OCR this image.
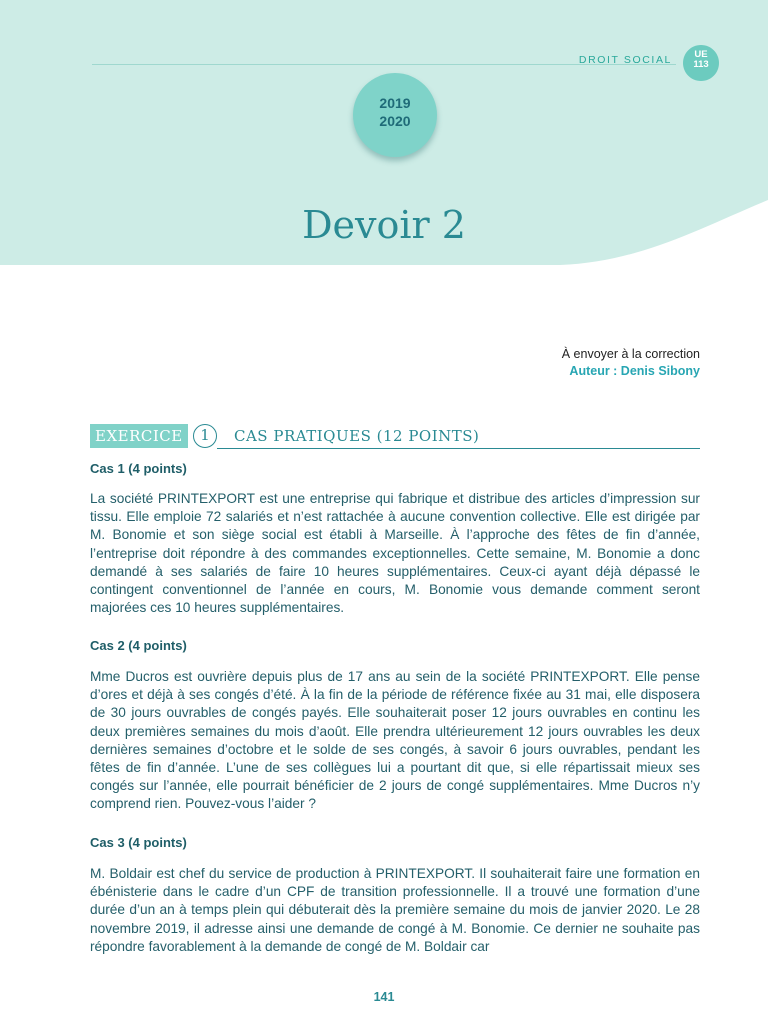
DROIT SOCIAL	UE
113
2019
2020
Devoir 2
À envoyer à la correction
Auteur : Denis Sibony
EXERCICE	1	CAS PRATIQUES (12 POINTS)
Cas 1 (4 points)

La société PRINTEXPORT est une entreprise qui fabrique et distribue des articles d’impression sur tissu. Elle emploie 72 salariés et n’est rattachée à aucune convention collective. Elle est dirigée par M. Bonomie et son siège social est établi à Marseille. À l’approche des fêtes de fin d’année, l’entreprise doit répondre à des commandes exceptionnelles. Cette semaine, M. Bonomie a donc demandé à ses salariés de faire 10 heures supplémentaires. Ceux-ci ayant déjà dépassé le contingent conventionnel de l’année en cours, M. Bonomie vous demande comment seront majorées ces 10 heures supplémentaires.

Cas 2 (4 points)

Mme Ducros est ouvrière depuis plus de 17 ans au sein de la société PRINTEXPORT. Elle pense d’ores et déjà à ses congés d’été. À la fin de la période de référence fixée au 31 mai, elle disposera de 30 jours ouvrables de congés payés. Elle souhaiterait poser 12 jours ouvrables en continu les deux premières semaines du mois d’août. Elle prendra ultérieurement 12 jours ouvrables les deux dernières semaines d’octobre et le solde de ses congés, à savoir 6 jours ouvrables, pendant les fêtes de fin d’année. L’une de ses collègues lui a pourtant dit que, si elle répartissait mieux ses congés sur l’année, elle pourrait bénéficier de 2 jours de congé supplémentaires. Mme Ducros n’y comprend rien. Pouvez-vous l’aider ?

Cas 3 (4 points)

M. Boldair est chef du service de production à PRINTEXPORT. Il souhaiterait faire une formation en ébénisterie dans le cadre d’un CPF de transition professionnelle. Il a trouvé une formation d’une durée d’un an à temps plein qui débuterait dès la première semaine du mois de janvier 2020. Le 28 novembre 2019, il adresse ainsi une demande de congé à M. Bonomie. Ce dernier ne souhaite pas répondre favorablement à la demande de congé de M. Boldair car

141
